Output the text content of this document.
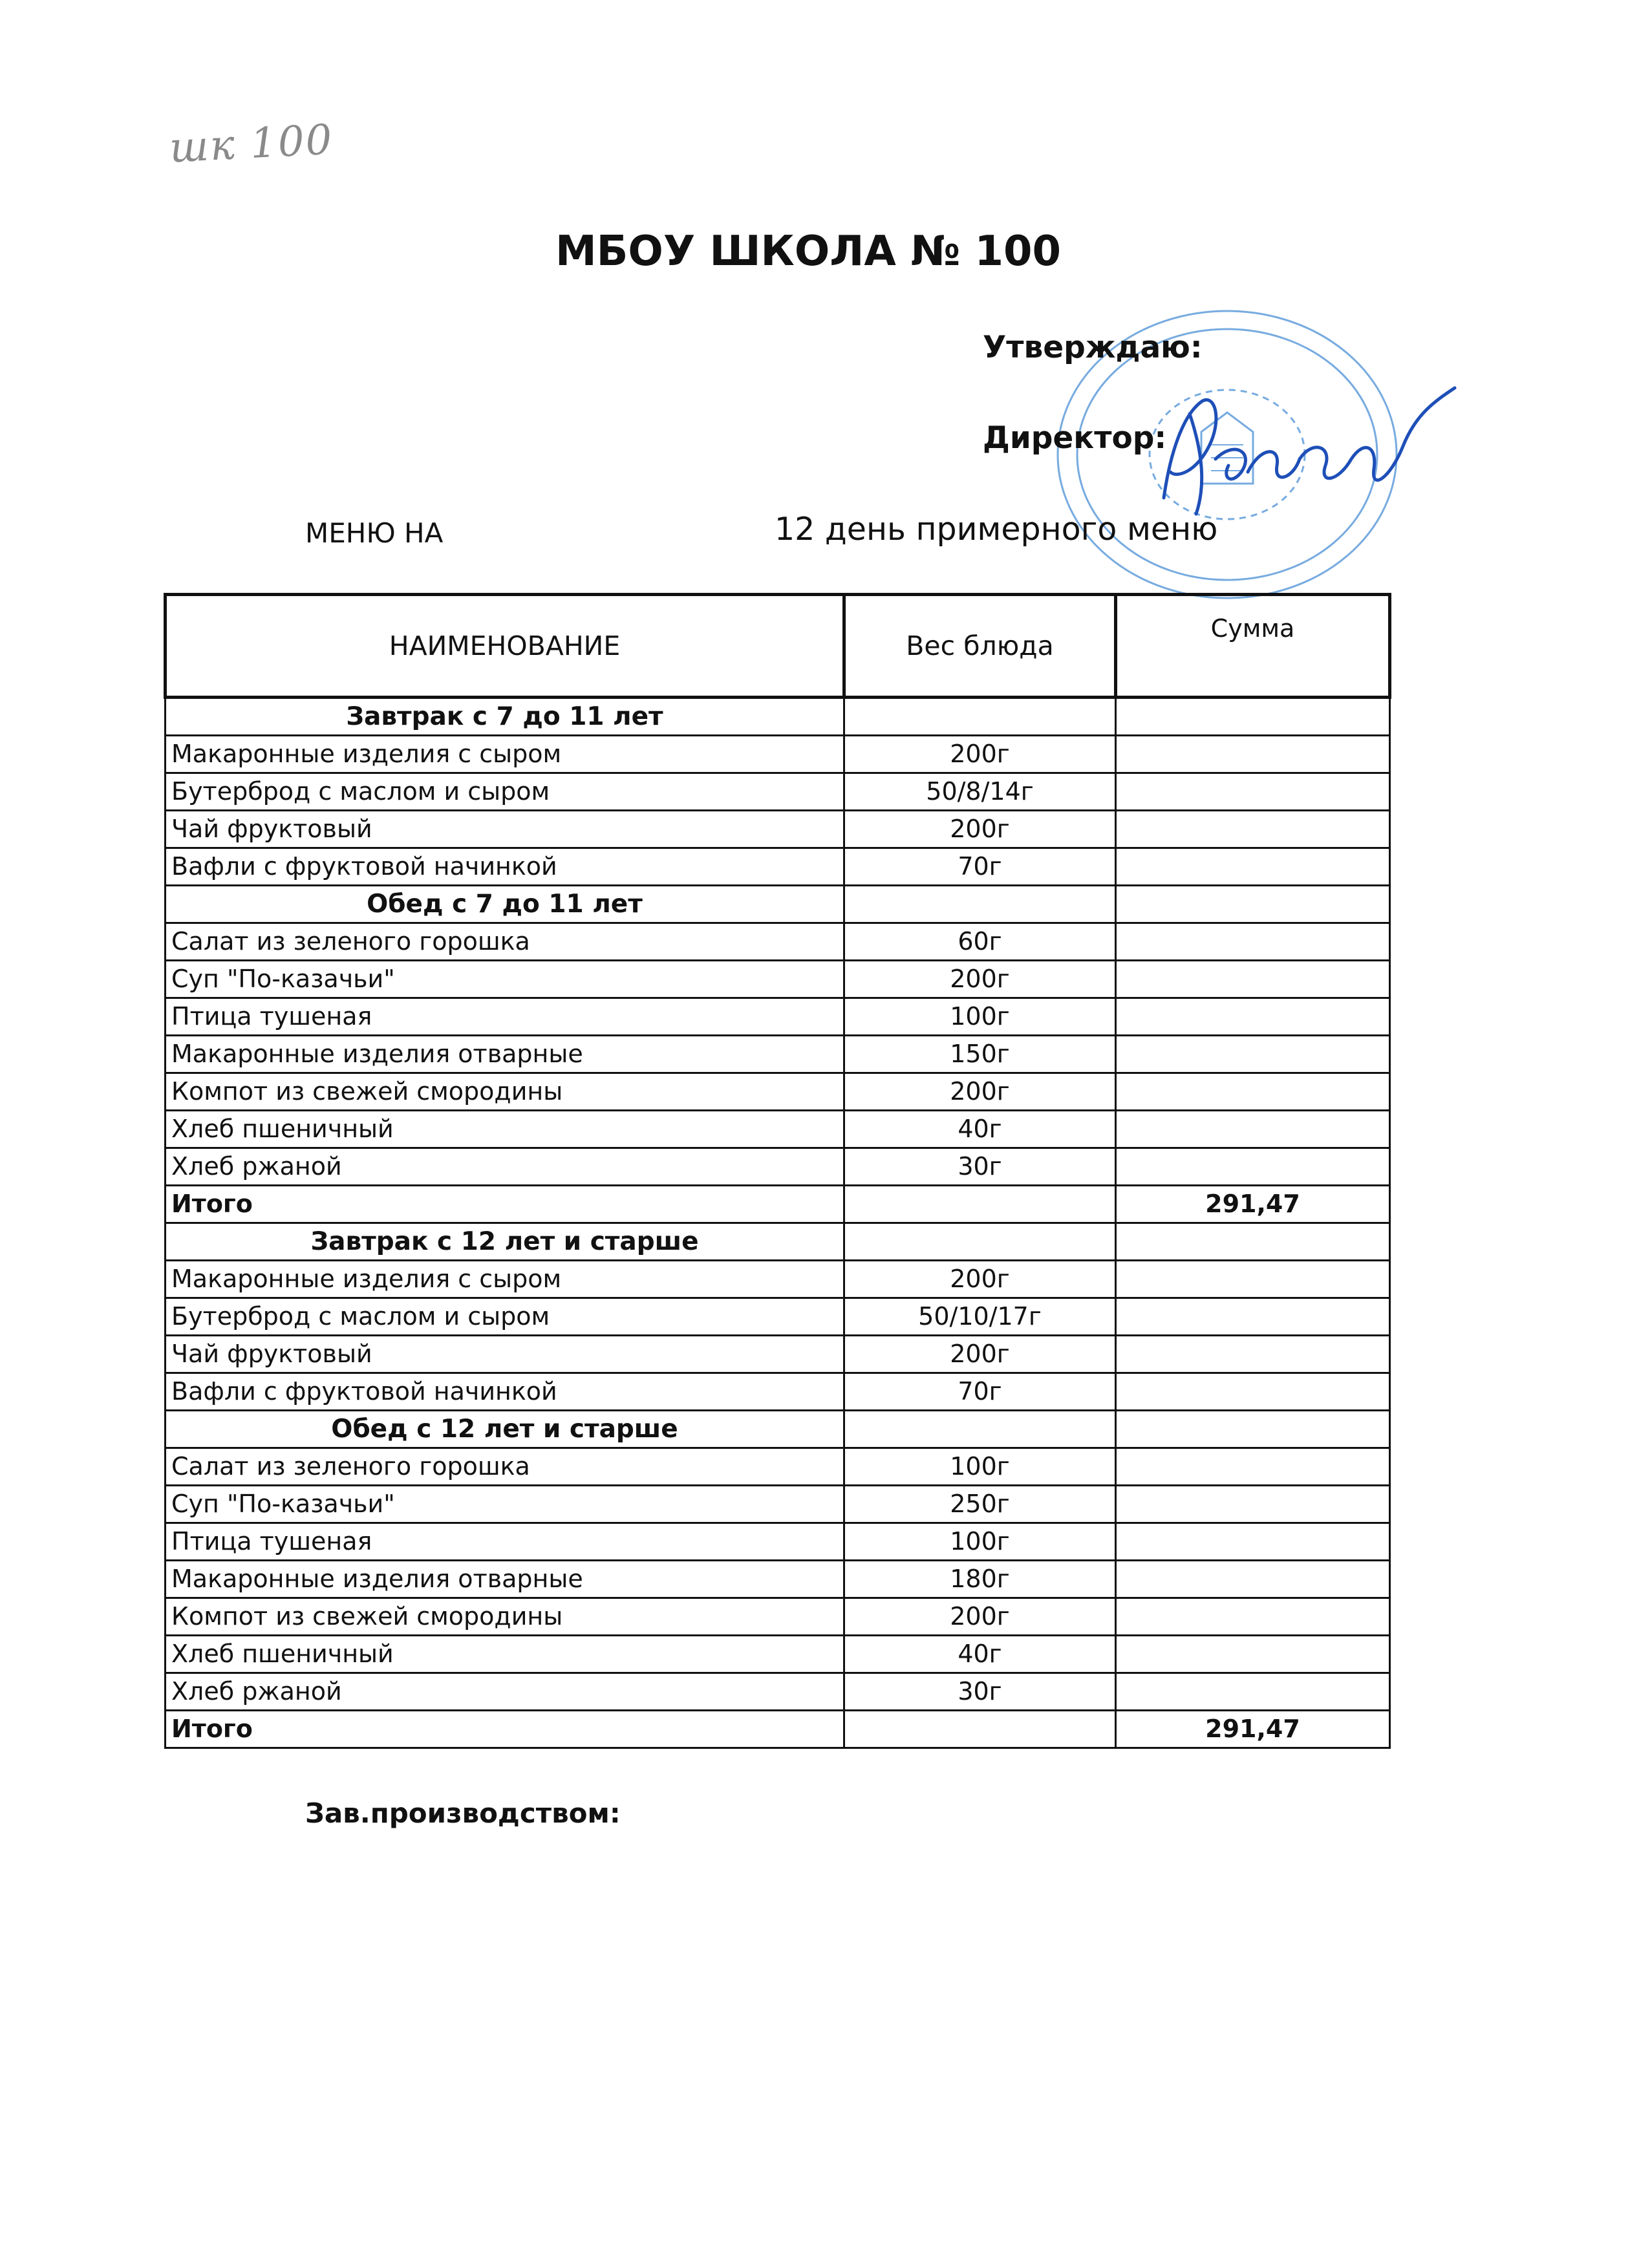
шк 100
МБОУ ШКОЛА № 100
Утверждаю:
Директор:
МЕНЮ НА	12 день примерного меню
НАИМЕНОВАНИЕ	Вес блюда	Сумма
Завтрак с 7 до 11 лет		
Макаронные изделия с сыром	200г	
Бутерброд с маслом и сыром	50/8/14г	
Чай фруктовый	200г	
Вафли с фруктовой начинкой	70г	
Обед с 7 до 11 лет		
Салат из зеленого горошка	60г	
Суп "По-казачьи"	200г	
Птица тушеная	100г	
Макаронные изделия отварные	150г	
Компот из свежей смородины	200г	
Хлеб пшеничный	40г	
Хлеб ржаной	30г	
Итого		291,47
Завтрак с 12 лет и старше		
Макаронные изделия с сыром	200г	
Бутерброд с маслом и сыром	50/10/17г	
Чай фруктовый	200г	
Вафли с фруктовой начинкой	70г	
Обед с 12 лет и старше		
Салат из зеленого горошка	100г	
Суп "По-казачьи"	250г	
Птица тушеная	100г	
Макаронные изделия отварные	180г	
Компот из свежей смородины	200г	
Хлеб пшеничный	40г	
Хлеб ржаной	30г	
Итого		291,47
Зав.производством:
